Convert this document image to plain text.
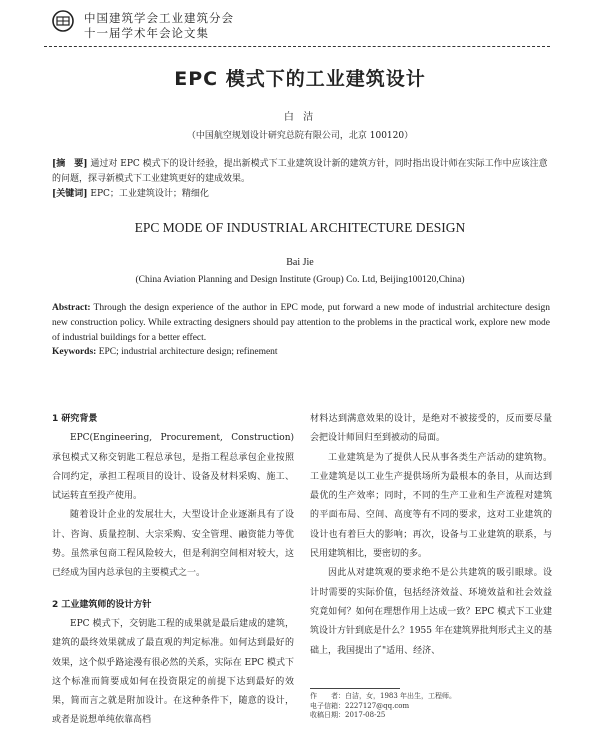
中国建筑学会工业建筑分会
十一届学术年会论文集
EPC 模式下的工业建筑设计
白 洁
（中国航空规划设计研究总院有限公司，北京 100120）
[摘　要] 通过对 EPC 模式下的设计经验，提出新模式下工业建筑设计新的建筑方针，同时指出设计师在实际工作中应该注意的问题，探寻新模式下工业建筑更好的建成效果。
[关键词] EPC；工业建筑设计；精细化
EPC MODE OF INDUSTRIAL ARCHITECTURE DESIGN
Bai Jie
(China Aviation Planning and Design Institute (Group) Co. Ltd, Beijing100120,China)
Abstract: Through the design experience of the author in EPC mode, put forward a new mode of industrial architecture design new construction policy. While extracting designers should pay attention to the problems in the practical work, explore new mode of industrial buildings for a better effect.
Keywords: EPC; industrial architecture design; refinement

1 研究背景

EPC(Engineering, Procurement, Construction) 承包模式又称交钥匙工程总承包，是指工程总承包企业按照合同约定，承担工程项目的设计、设备及材料采购、施工、试运转直至投产使用。

随着设计企业的发展壮大，大型设计企业逐渐具有了设计、咨询、质量控制、大宗采购、安全管理、融资能力等优势。虽然承包商工程风险较大，但是利润空间相对较大，这已经成为国内总承包的主要模式之一。

2 工业建筑师的设计方针

EPC 模式下，交钥匙工程的成果就是最后建成的建筑，建筑的最终效果就成了最直观的判定标准。如何达到最好的效果，这个似乎路途漫有很必然的关系，实际在 EPC 模式下这个标准而简要成如何在投资限定的前提下达到最好的效果，简而言之就是附加设计。在这种条件下，随意的设计，或者是说想单纯依靠高档

材料达到满意效果的设计，是绝对不被接受的，反而要尽量会把设计师回归至到被动的局面。

工业建筑是为了提供人民从事各类生产活动的建筑物。工业建筑是以工业生产提供场所为最根本的条目，从而达到最优的生产效率；同时，不同的生产工业和生产流程对建筑的平面布局、空间、高度等有不同的要求，这对工业建筑的设计也有着巨大的影响；再次，设备与工业建筑的联系，与民用建筑相比，要密切的多。

因此从对建筑观的要求绝不是公共建筑的吸引眼球。设计时需要的实际价值，包括经济效益、环境效益和社会效益究竟如何？如何在理想作用上达成一致？EPC 模式下工业建筑设计方针到底是什么？1955 年在建筑界批判形式主义的基础上，我国提出了"适用、经济、

作　　者：白洁，女，1983 年出生，工程师。
电子信箱：2227127@qq.com
收稿日期：2017-08-25
